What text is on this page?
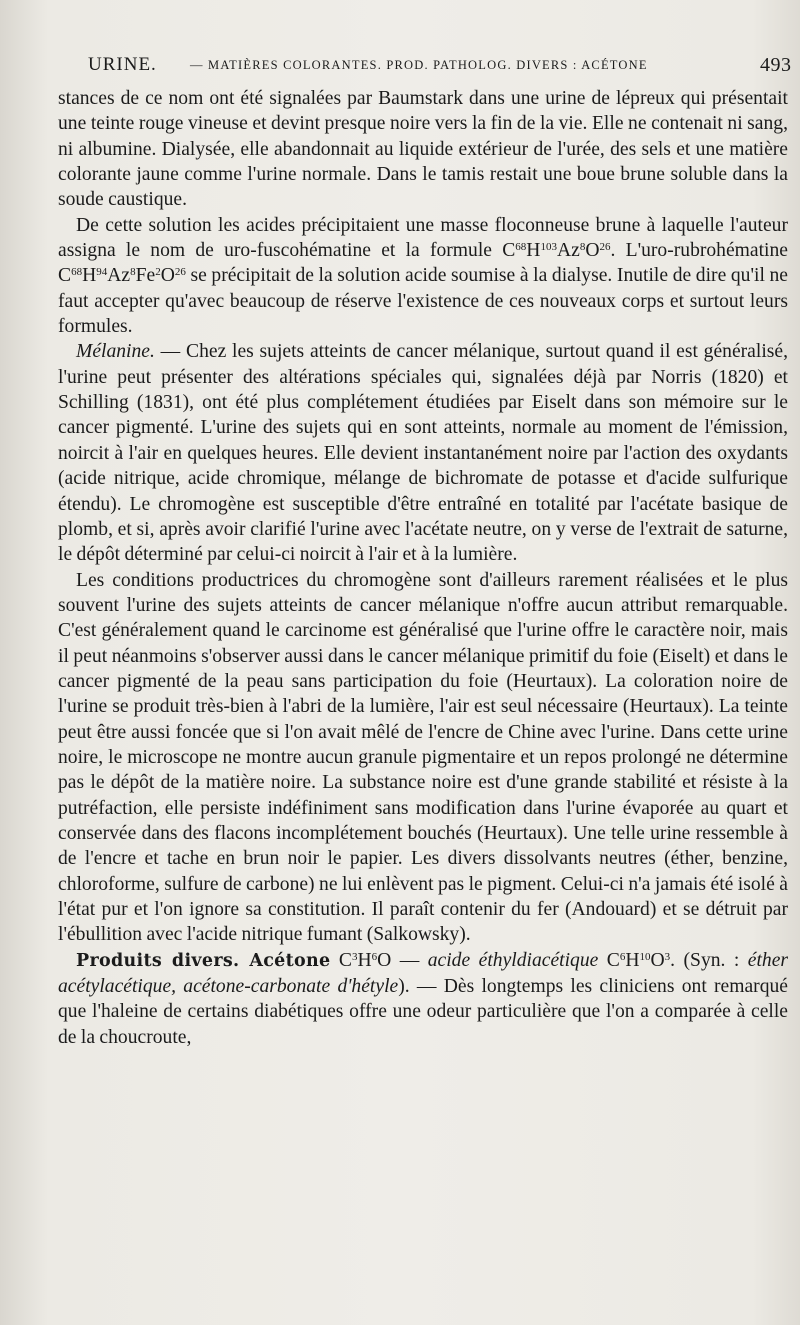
URINE.	— MATIÈRES COLORANTES. PROD. PATHOLOG. DIVERS : ACÉTONE	493

stances de ce nom ont été signalées par Baumstark dans une urine de lépreux qui présentait une teinte rouge vineuse et devint presque noire vers la fin de la vie. Elle ne contenait ni sang, ni albumine. Dialysée, elle abandonnait au liquide extérieur de l'urée, des sels et une matière colorante jaune comme l'urine normale. Dans le tamis restait une boue brune soluble dans la soude caustique.

De cette solution les acides précipitaient une masse floconneuse brune à laquelle l'auteur assigna le nom de uro-fuscohématine et la formule $C^{68}H^{103}Az^8O^{26}$. L'uro-rubrohématine $C^{68}H^{94}Az^8Fe^2O^{26}$ se précipitait de la solution acide soumise à la dialyse. Inutile de dire qu'il ne faut accepter qu'avec beaucoup de réserve l'existence de ces nouveaux corps et surtout leurs formules.

Mélanine. — Chez les sujets atteints de cancer mélanique, surtout quand il est généralisé, l'urine peut présenter des altérations spéciales qui, signalées déjà par Norris (1820) et Schilling (1831), ont été plus complétement étudiées par Eiselt dans son mémoire sur le cancer pigmenté. L'urine des sujets qui en sont atteints, normale au moment de l'émission, noircit à l'air en quelques heures. Elle devient instantanément noire par l'action des oxydants (acide nitrique, acide chromique, mélange de bichromate de potasse et d'acide sulfurique étendu). Le chromogène est susceptible d'être entraîné en totalité par l'acétate basique de plomb, et si, après avoir clarifié l'urine avec l'acétate neutre, on y verse de l'extrait de saturne, le dépôt déterminé par celui-ci noircit à l'air et à la lumière.

Les conditions productrices du chromogène sont d'ailleurs rarement réalisées et le plus souvent l'urine des sujets atteints de cancer mélanique n'offre aucun attribut remarquable. C'est généralement quand le carcinome est généralisé que l'urine offre le caractère noir, mais il peut néanmoins s'observer aussi dans le cancer mélanique primitif du foie (Eiselt) et dans le cancer pigmenté de la peau sans participation du foie (Heurtaux). La coloration noire de l'urine se produit très-bien à l'abri de la lumière, l'air est seul nécessaire (Heurtaux). La teinte peut être aussi foncée que si l'on avait mêlé de l'encre de Chine avec l'urine. Dans cette urine noire, le microscope ne montre aucun granule pigmentaire et un repos prolongé ne détermine pas le dépôt de la matière noire. La substance noire est d'une grande stabilité et résiste à la putréfaction, elle persiste indéfiniment sans modification dans l'urine évaporée au quart et conservée dans des flacons incomplétement bouchés (Heurtaux). Une telle urine ressemble à de l'encre et tache en brun noir le papier. Les divers dissolvants neutres (éther, benzine, chloroforme, sulfure de carbone) ne lui enlèvent pas le pigment. Celui-ci n'a jamais été isolé à l'état pur et l'on ignore sa constitution. Il paraît contenir du fer (Andouard) et se détruit par l'ébullition avec l'acide nitrique fumant (Salkowsky).

Produits divers. Acétone $C^3H^6O$ — acide éthyldiacétique $C^6H^{10}O^3$. (Syn. : éther acétylacétique, acétone-carbonate d'hétyle). — Dès longtemps les cliniciens ont remarqué que l'haleine de certains diabétiques offre une odeur particulière que l'on a comparée à celle de la choucroute,
